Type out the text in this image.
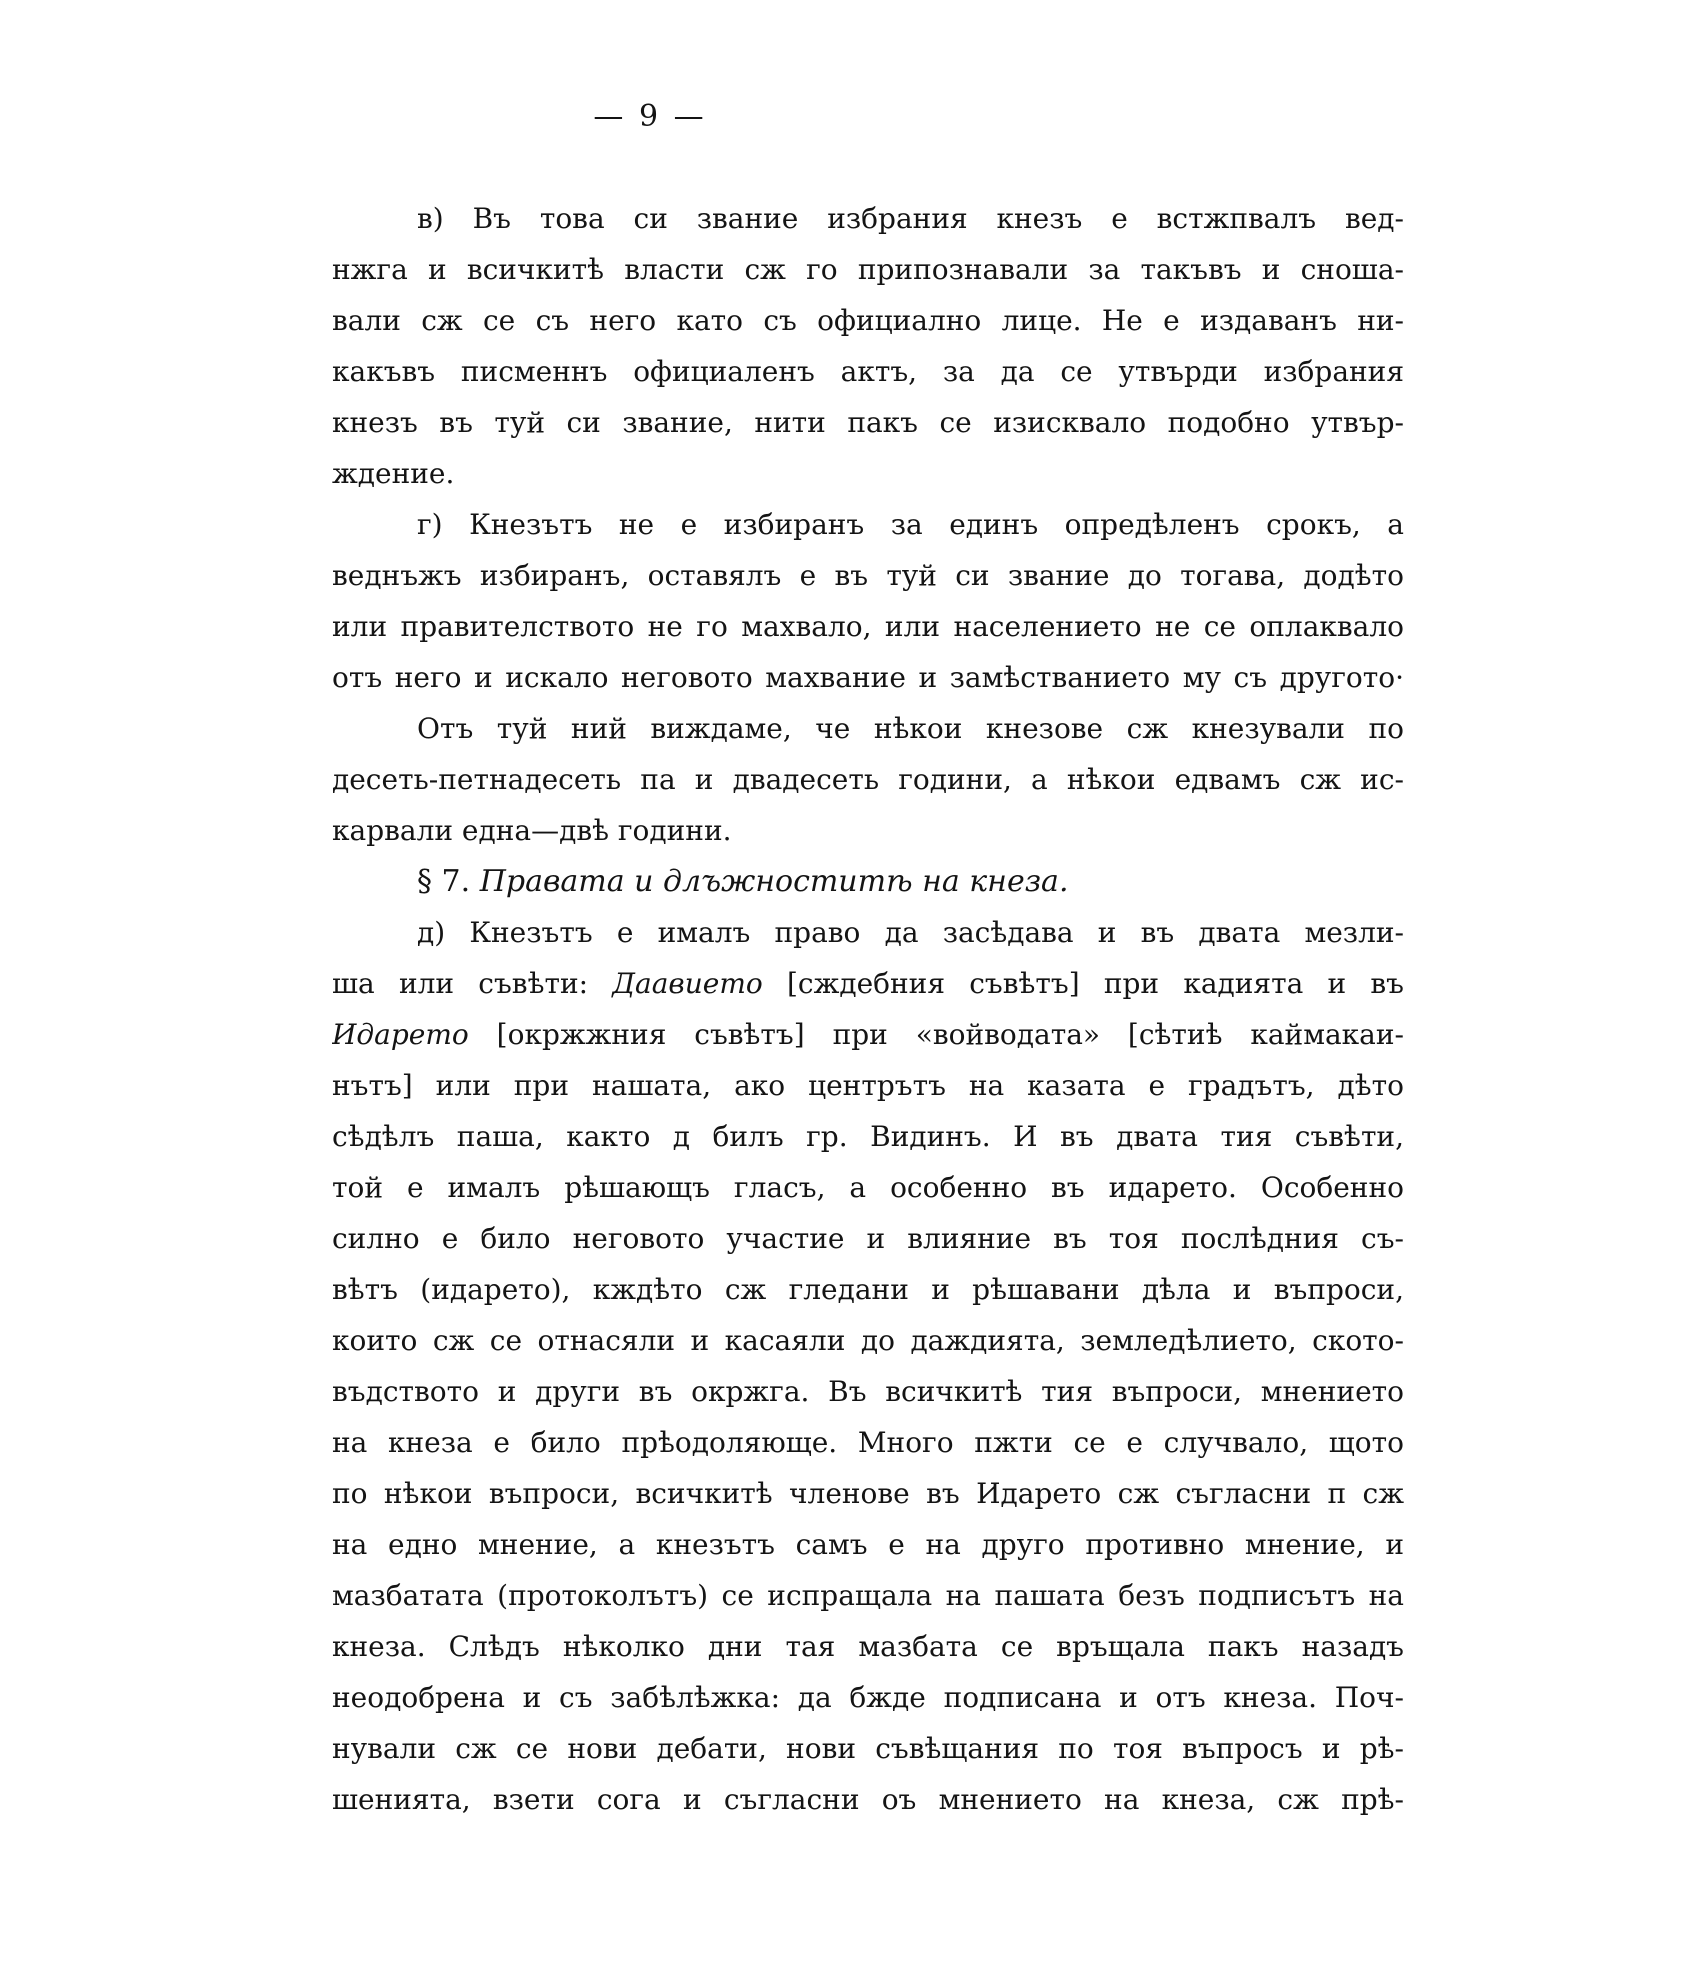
— 9 —
в) Въ това си звание избрания кнезъ е встжпвалъ вед-
нжга и всичкитѣ власти сж го припознавали за такъвъ и сноша-
вали сж се съ него като съ официално лице. Не е издаванъ ни-
какъвъ писменнъ официаленъ актъ, за да се утвърди избрания
кнезъ въ туй си звание, нити пакъ се изисквало подобно утвър-
ждение.
г) Кнезътъ не е избиранъ за единъ опредѣленъ срокъ, а
веднъжъ избиранъ, оставялъ е въ туй си звание до тогава, додѣто
или правителството не го махвало, или населението не се оплаквало
отъ него и искало неговото махвание и замѣстванието му съ другото·
Отъ туй ний виждаме, че нѣкои кнезове сж кнезували по
десеть-петнадесеть па и двадесеть години, а нѣкои едвамъ сж ис-
карвали една—двѣ години.
§ 7. Правата и длъжноститѣ на кнеза.
д) Кнезътъ е ималъ право да засѣдава и въ двата мезли-
ша или съвѣти: Даавието [сждебния съвѣтъ] при кадията и въ
Идарето [окржжния съвѣтъ] при «войводата» [сѣтиѣ каймакаи-
нътъ] или при нашата, ако центрътъ на казата е градътъ, дѣто
сѣдѣлъ паша, както д билъ гр. Видинъ. И въ двата тия съвѣти,
той е ималъ рѣшающъ гласъ, а особенно въ идарето. Особенно
силно е било неговото участие и влияние въ тоя послѣдния съ-
вѣтъ (идарето), кждѣто сж гледани и рѣшавани дѣла и въпроси,
които сж се отнасяли и касаяли до даждията, земледѣлието, ското-
въдството и други въ окржга. Въ всичкитѣ тия въпроси, мнението
на кнеза е било прѣодоляюще. Много пжти се е случвало, щото
по нѣкои въпроси, всичкитѣ членове въ Идарето сж съгласни п сж
на едно мнение, а кнезътъ самъ е на друго противно мнение, и
мазбатата (протоколътъ) се испращала на пашата безъ подписътъ на
кнеза. Слѣдъ нѣколко дни тая мазбата се връщала пакъ назадъ
неодобрена и съ забѣлѣжка: да бжде подписана и отъ кнеза. Поч-
нували сж се нови дебати, нови съвѣщания по тоя въпросъ и рѣ-
шенията, взети сога и съгласни оъ мнението на кнеза, сж прѣ-
